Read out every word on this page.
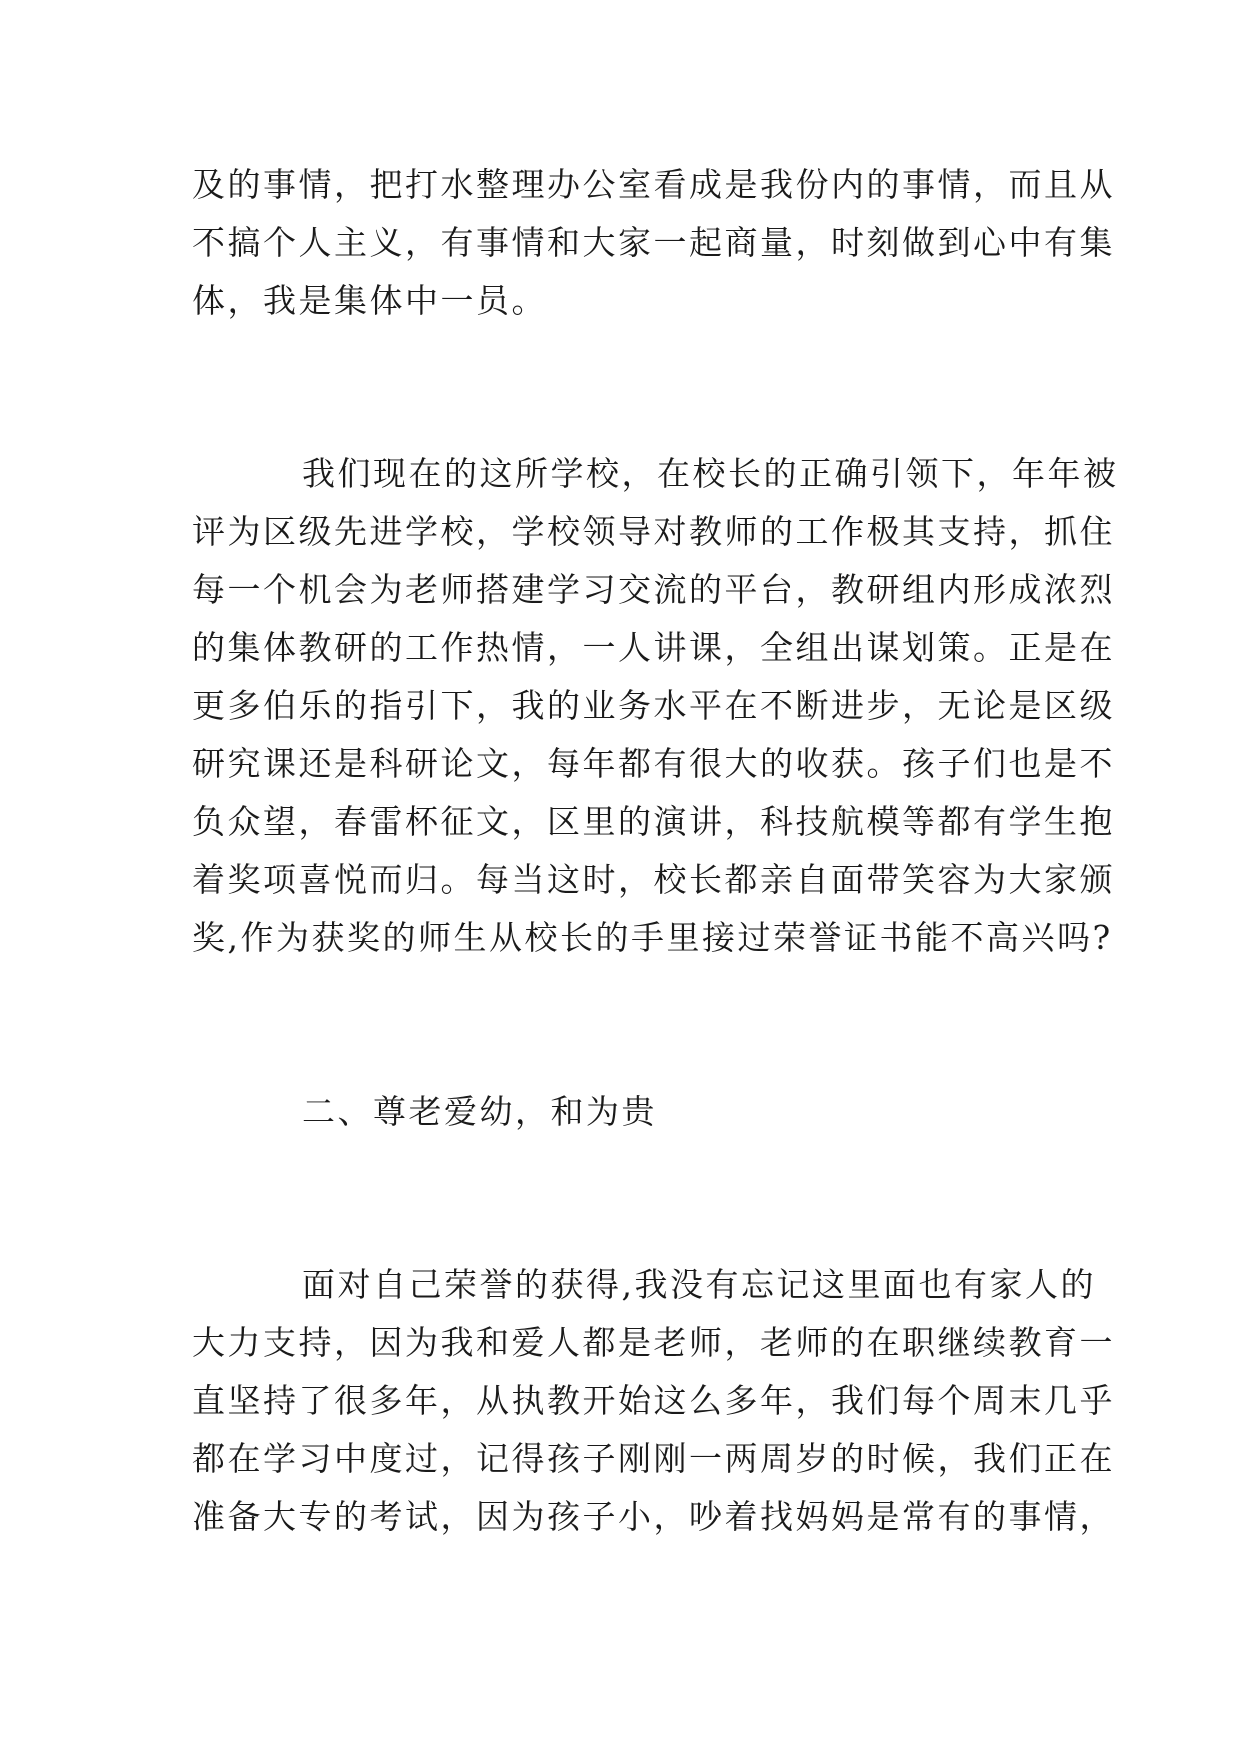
及的事情，把打水整理办公室看成是我份内的事情，而且从
不搞个人主义，有事情和大家一起商量，时刻做到心中有集
体，我是集体中一员。
我们现在的这所学校，在校长的正确引领下，年年被
评为区级先进学校，学校领导对教师的工作极其支持，抓住
每一个机会为老师搭建学习交流的平台，教研组内形成浓烈
的集体教研的工作热情，一人讲课，全组出谋划策。正是在
更多伯乐的指引下，我的业务水平在不断进步，无论是区级
研究课还是科研论文，每年都有很大的收获。孩子们也是不
负众望，春雷杯征文，区里的演讲，科技航模等都有学生抱
着奖项喜悦而归。每当这时，校长都亲自面带笑容为大家颁
奖,作为获奖的师生从校长的手里接过荣誉证书能不高兴吗?
二、尊老爱幼，和为贵
面对自己荣誉的获得,我没有忘记这里面也有家人的
大力支持，因为我和爱人都是老师，老师的在职继续教育一
直坚持了很多年，从执教开始这么多年，我们每个周末几乎
都在学习中度过，记得孩子刚刚一两周岁的时候，我们正在
准备大专的考试，因为孩子小，吵着找妈妈是常有的事情，
